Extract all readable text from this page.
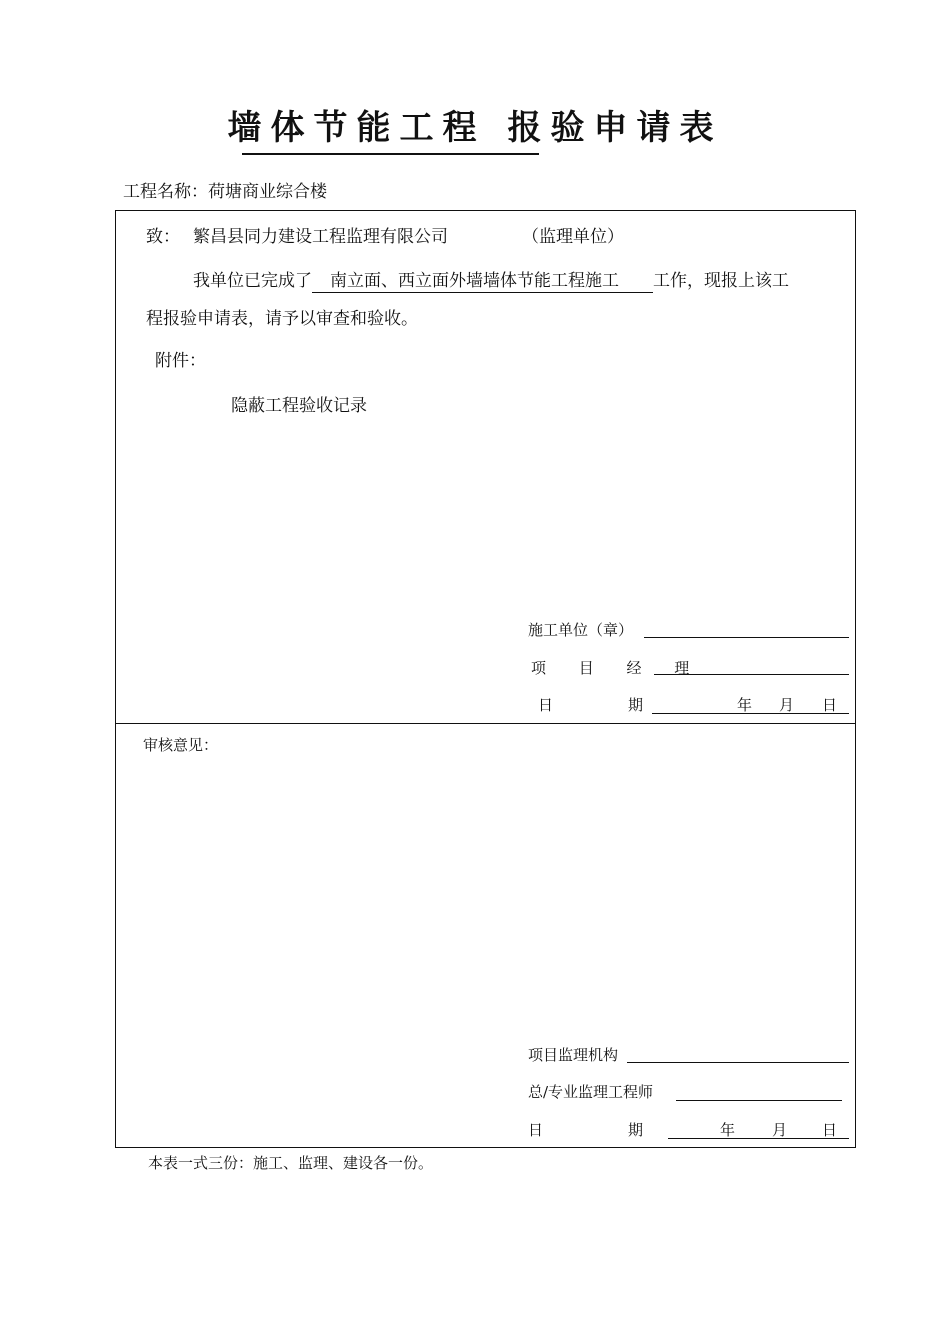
墙体节能工程 报验申请表
工程名称：荷塘商业综合楼
致： 繁昌县同力建设工程监理有限公司	（监理单位）
我单位已完成了 南立面、西立面外墙墙体节能工程施工 工作，现报上该工
程报验申请表，请予以审查和验收。
附件：
隐蔽工程验收记录
施工单位（章）
项 目 经 理
日	期	年 月 日
审核意见：
项目监理机构
总/专业监理工程师
日	期	年 月 日
本表一式三份：施工、监理、建设各一份。
